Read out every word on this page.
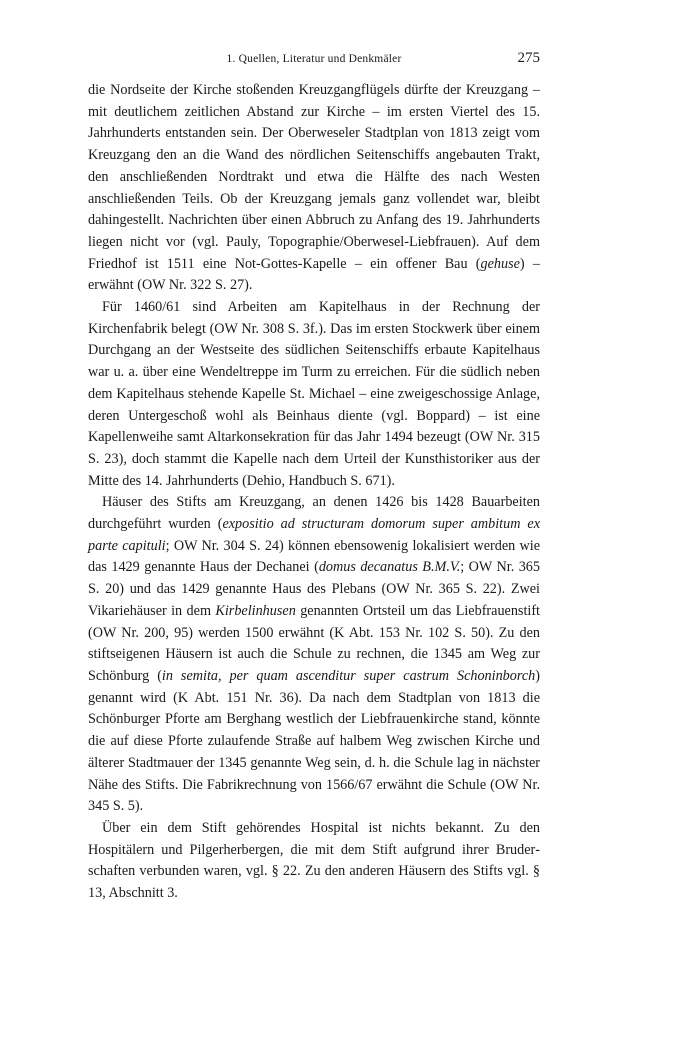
1. Quellen, Literatur und Denkmäler	275

die Nordseite der Kirche stoßenden Kreuzgangflügels dürfte der Kreuzgang – mit deutlichem zeitlichen Abstand zur Kirche – im ersten Viertel des 15. Jahrhunderts entstanden sein. Der Oberweseler Stadtplan von 1813 zeigt vom Kreuzgang den an die Wand des nördlichen Seitenschiffs angebauten Trakt, den anschließenden Nordtrakt und etwa die Hälfte des nach Westen anschließenden Teils. Ob der Kreuzgang jemals ganz vollendet war, bleibt dahingestellt. Nachrichten über einen Abbruch zu Anfang des 19. Jahrhunderts liegen nicht vor (vgl. Pauly, Topographie/Oberwesel-Liebfrauen). Auf dem Friedhof ist 1511 eine Not-Gottes-Kapelle – ein offener Bau (gehuse) – erwähnt (OW Nr. 322 S. 27).

Für 1460/61 sind Arbeiten am Kapitelhaus in der Rechnung der Kirchenfabrik belegt (OW Nr. 308 S. 3f.). Das im ersten Stockwerk über einem Durchgang an der Westseite des südlichen Seitenschiffs erbaute Kapitelhaus war u. a. über eine Wendeltreppe im Turm zu erreichen. Für die südlich neben dem Kapitelhaus stehende Kapelle St. Michael – eine zweigeschossige Anlage, deren Untergeschoß wohl als Beinhaus diente (vgl. Boppard) – ist eine Kapellenweihe samt Altarkonsekration für das Jahr 1494 bezeugt (OW Nr. 315 S. 23), doch stammt die Kapelle nach dem Urteil der Kunsthistoriker aus der Mitte des 14. Jahrhunderts (Dehio, Handbuch S. 671).

Häuser des Stifts am Kreuzgang, an denen 1426 bis 1428 Bauarbeiten durchgeführt wurden (expositio ad structuram domorum super ambitum ex parte capituli; OW Nr. 304 S. 24) können ebensowenig lokalisiert werden wie das 1429 genannte Haus der Dechanei (domus decanatus B.M.V.; OW Nr. 365 S. 20) und das 1429 genannte Haus des Plebans (OW Nr. 365 S. 22). Zwei Vikariehäuser in dem Kirbelinhusen genannten Ortsteil um das Liebfrauenstift (OW Nr. 200, 95) werden 1500 erwähnt (K Abt. 153 Nr. 102 S. 50). Zu den stiftseigenen Häusern ist auch die Schule zu rechnen, die 1345 am Weg zur Schönburg (in semita, per quam ascenditur super castrum Schoninborch) genannt wird (K Abt. 151 Nr. 36). Da nach dem Stadtplan von 1813 die Schönburger Pforte am Berghang westlich der Liebfrauenkirche stand, könnte die auf diese Pforte zulaufende Straße auf halbem Weg zwischen Kirche und älterer Stadtmauer der 1345 genannte Weg sein, d. h. die Schule lag in nächster Nähe des Stifts. Die Fabrikrechnung von 1566/67 erwähnt die Schule (OW Nr. 345 S. 5).

Über ein dem Stift gehörendes Hospital ist nichts bekannt. Zu den Hospitälern und Pilgerherbergen, die mit dem Stift aufgrund ihrer Bruderschaften verbunden waren, vgl. § 22. Zu den anderen Häusern des Stifts vgl. § 13, Abschnitt 3.
